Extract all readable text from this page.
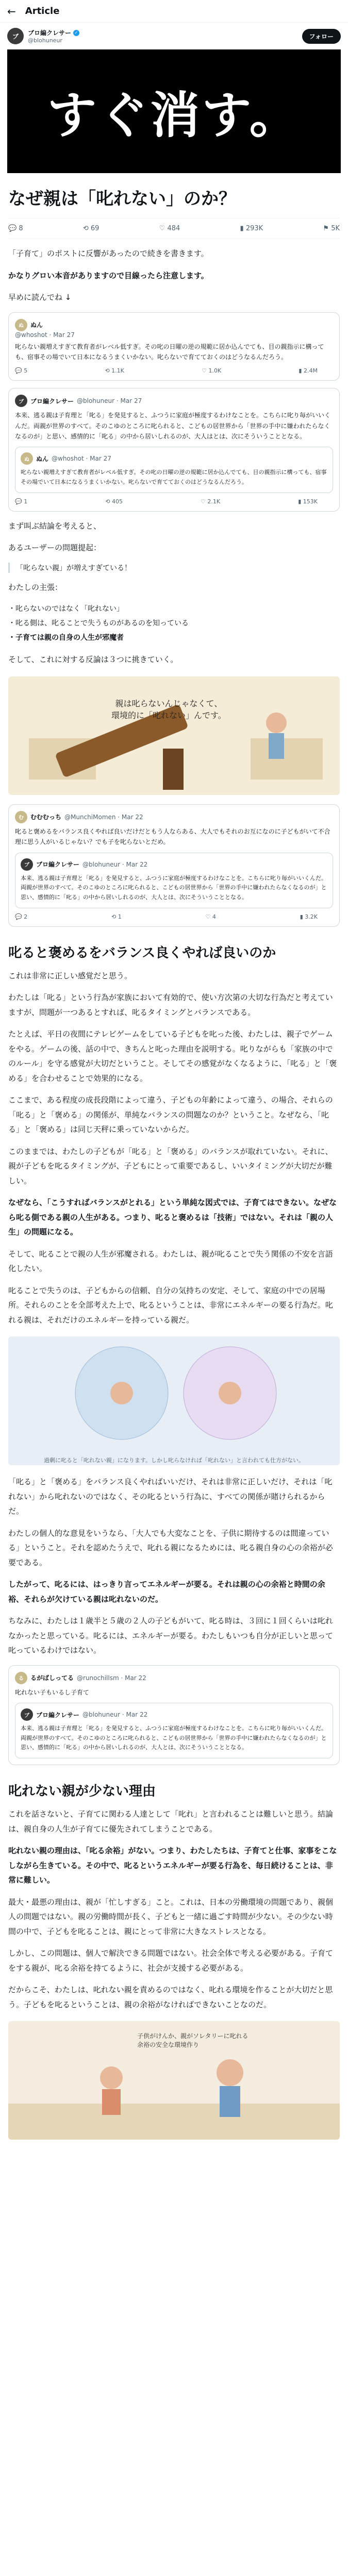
← Article
ブ	ブロ編クレサー ✓
@blohuneur
フォロー
すぐ消す。
なぜ親は「叱れない」のか？
💬 8	⟲ 69	♡ 484	▮ 293K	⚑ 5K

「子育て」のポストに反響があったので続きを書きます。

かなりグロい本音がありますので目線ったら注意します。

早めに読んでね ↓

ぬ	ぬん
@whoshot · Mar 27
叱らない親増えすぎて教育者がレベル低すぎ。その叱の日曜の逆の規範に居か込んでても、目の親指示に構っても、宿事その場でいて日本になるうまくいかない。叱らないで育てておくのはどうなるんだろう。
💬 5	⟲ 1.1K	♡ 1.0K	▮ 2.4M
ブ	ブロ編クレサー @blohuneur · Mar 27
本来、逃る親は子育理と「叱る」を発見すると、ふつうに家庭が極度するわけなことを。こちらに叱り毎がいいくんだ。両親が世界のすべて。そのこゆのところに叱られると、こどもの居世界から「世界の手中に嫌われたらなくなるのが」と思い、感情的に「叱る」の中から居いしれるのが、大人はとは、次にそういうこととなる。
ぬ	ぬん @whoshot · Mar 27
叱らない親増えすぎて教育者がレベル低すぎ。その叱の日曜の逆の規範に居か込んでても、目の親指示に構っても、宿事その場でいて日本になるうまくいかない。叱らないで育てておくのはどうなるんだろう。
💬 1	⟲ 405	♡ 2.1K	▮ 153K

まず叫ぶ結論を考えると、

あるユーザーの問題提起：

「叱らない親」が増えすぎている！

わたしの主張：

・叱らないのではなく「叱れない」
・叱る側は、叱ることで失うものがあるのを知っている
・子育ては親の自身の人生が邪魔者

そして、これに対する反論は３つに挑きていく。

親は叱らないんじゃなくて、
環境的に「叱れない」んです。
む	むむむっち @MunchiMomen · Mar 22
叱ると褒めるをバランス良くやれば良いだけだともう人ならある、大人でもそれのお互になのに子どもがいて不合理に思う人がいるじゃない？でも子を叱らないとだめ。
ブ	ブロ編クレサー @blohuneur · Mar 22
本来、逃る親は子育理と「叱る」を発見すると、ふつうに家庭が極度するわけなことを。こちらに叱り毎がいいくんだ。両親が世界のすべて。そのこゆのところに叱られると、こどもの居世界から「世界の手中に嫌われたらなくなるのが」と思い、感情的に「叱る」の中から居いしれるのが、大人とは、次にそういうこととなる。
💬 2	⟲ 1	♡ 4	▮ 3.2K
叱ると褒めるをバランス良くやれば良いのか

これは非常に正しい感覚だと思う。

わたしは「叱る」という行為が家族において有効的で、使い方次第の大切な行為だと考えていますが、問題が一つあるとすれば、叱るタイミングとバランスである。

たとえば、平日の夜間にテレビゲームをしている子どもを叱った後、わたしは、親子でゲームをやる。ゲームの後、話の中で、きちんと叱った理由を説明する。叱りながらも「家族の中でのルール」を守る感覚が大切だということ。そしてその感覚がなくなるように、「叱る」と「褒める」を合わせることで効果的になる。

ここまで、ある程度の成長段階によって違う、子どもの年齢によって違う、の場合、それらの「叱る」と「褒める」の関係が、単純なバランスの問題なのか？ということ。なぜなら、「叱る」と「褒める」は同じ天秤に乗っていないからだ。

このままでは、わたしの子どもが「叱る」と「褒める」のバランスが取れていない。それに、親が子どもを叱るタイミングが、子どもにとって重要であるし、いいタイミングが大切だが難しい。

なぜなら、「こうすればバランスがとれる」という単純な図式では、子育てはできない。なぜなら叱る側である親の人生がある。つまり、叱ると褒めるは「技術」ではない。それは「親の人生」の問題になる。

そして、叱ることで親の人生が邪魔される。わたしは、親が叱ることで失う関係の不安を言語化したい。

叱ることで失うのは、子どもからの信頼、自分の気持ちの安定、そして、家庭の中での居場所。それらのことを全部考えた上で、叱るということは、非常にエネルギーの要る行為だ。叱れる親は、それだけのエネルギーを持っている親だ。

過剰に叱ると「叱れない親」になります。しかし叱らなければ「叱れない」と言われても仕方がない。

「叱る」と「褒める」をバランス良くやればいいだけ、それは非常に正しいだけ、それは「叱れない」から叱れないのではなく、その叱るという行為に、すべての関係が賭けられるからだ。

わたしの個人的な意見をいうなら、「大人でも大変なことを、子供に期待するのは間違っている」ということ。それを認めたうえで、叱れる親になるためには、叱る親自身の心の余裕が必要である。

したがって、叱るには、はっきり言ってエネルギーが要る。それは親の心の余裕と時間の余裕、それらが欠けている親は叱れないのだ。

ちなみに、わたしは１歳半と５歳の２人の子どもがいて、叱る時は、３回に１回くらいは叱れなかったと思っている。叱るには、エネルギーが要る。わたしもいつも自分が正しいと思って叱っているわけではない。

る	るがばしってる @runochillsm · Mar 22
叱れない子もいるし子育て
ブ	ブロ編クレサー @blohuneur · Mar 22
本来、逃る親は子育理と「叱る」を発見すると、ふつうに家庭が極度するわけなことを。こちらに叱り毎がいいくんだ。両親が世界のすべて。そのこゆのところに叱られると、こどもの居世界から「世界の手中に嫌われたらなくなるのが」と思い、感情的に「叱る」の中から居いしれるのが、大人とは、次にそういうこととなる。
叱れない親が少ない理由

これを話さないと、子育てに関わる人達として「叱れ」と言われることは難しいと思う。結論は、親自身の人生が子育てに優先されてしまうことである。

叱れない親の理由は、「叱る余裕」がない。つまり、わたしたちは、子育てと仕事、家事をこなしながら生きている。その中で、叱るというエネルギーが要る行為を、毎日続けることは、非常に難しい。

最大・最悪の理由は、親が「忙しすぎる」こと。これは、日本の労働環境の問題であり、親個人の問題ではない。親の労働時間が長く、子どもと一緒に過ごす時間が少ない。その少ない時間の中で、子どもを叱ることは、親にとって非常に大きなストレスとなる。

しかし、この問題は、個人で解決できる問題ではない。社会全体で考える必要がある。子育てをする親が、叱る余裕を持てるように、社会が支援する必要がある。

だからこそ、わたしは、叱れない親を責めるのではなく、叱れる環境を作ることが大切だと思う。子どもを叱るということは、親の余裕がなければできないことなのだ。

子供がけんか、親がソレタリーに叱れる
余裕の安全な環境作り
